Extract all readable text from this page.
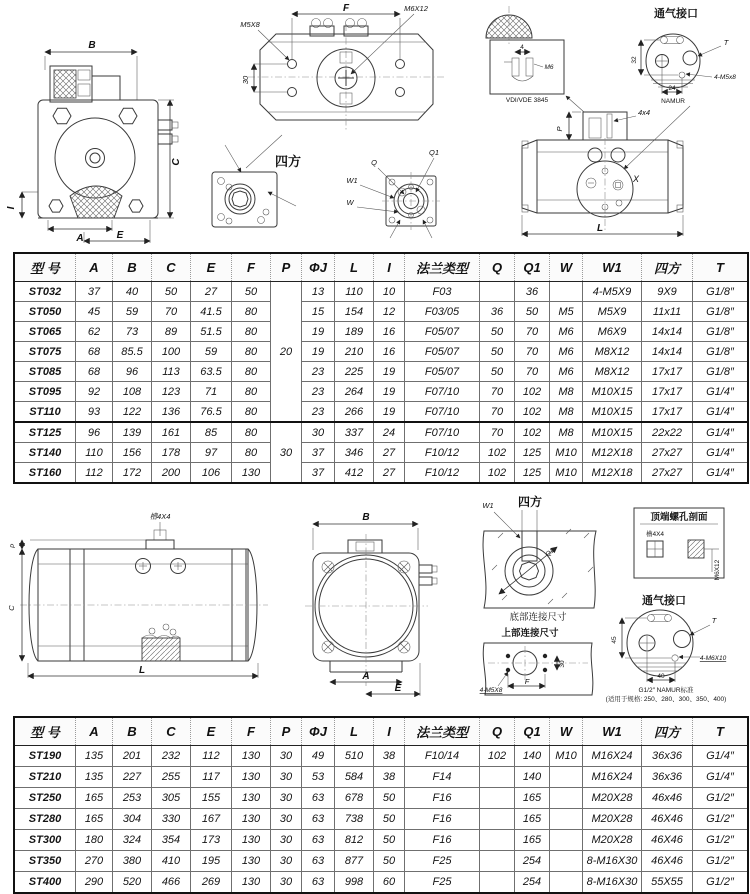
B
C
I
A	E
F
M5X8
M6X12
30
四方	Q
Q1
W1
W
4
M6
VDI/VDE 3845
通气接口
32
24
NAMUR
T
4-M5x8
4x4
P
X
L
型 号	A	B	C	E	F	P	ΦJ	L	I	法兰类型	Q	Q1	W	W1	四方	T
ST032	37	40	50	27	50	20	13	110	10	F03		36		4-M5X9	9X9	G1/8″
ST050	45	59	70	41.5	80		15	154	12	F03/05	36	50	M5	M5X9	11x11	G1/8″
ST065	62	73	89	51.5	80		19	189	16	F05/07	50	70	M6	M6X9	14x14	G1/8″
ST075	68	85.5	100	59	80		19	210	16	F05/07	50	70	M6	M8X12	14x14	G1/8″
ST085	68	96	113	63.5	80		23	225	19	F05/07	50	70	M6	M8X12	17x17	G1/8″
ST095	92	108	123	71	80		23	264	19	F07/10	70	102	M8	M10X15	17x17	G1/4″
ST110	93	122	136	76.5	80		23	266	19	F07/10	70	102	M8	M10X15	17x17	G1/4″
ST125	96	139	161	85	80	30	30	337	24	F07/10	70	102	M8	M10X15	22x22	G1/4″
ST140	110	156	178	97	80		37	346	27	F10/12	102	125	M10	M12X18	27x27	G1/4″
ST160	112	172	200	106	130		37	412	27	F10/12	102	125	M10	M12X18	27x27	G1/4″
槽4X4
P
C
L
B
A
E
四方
W1
Q1
底部连接尺寸
上部连接尺寸
30
F
4-M5X8
顶端螺孔剖面
槽4X4
M6X12
通气接口
45
40
T
4-M6X10
G1/2″ NAMUR标准
(适用于规格: 250、280、300、350、400)
型 号	A	B	C	E	F	P	ΦJ	L	I	法兰类型	Q	Q1	W	W1	四方	T
ST190	135	201	232	112	130	30	49	510	38	F10/14	102	140	M10	M16X24	36x36	G1/4″
ST210	135	227	255	117	130	30	53	584	38	F14		140		M16X24	36x36	G1/4″
ST250	165	253	305	155	130	30	63	678	50	F16		165		M20X28	46x46	G1/2″
ST280	165	304	330	167	130	30	63	738	50	F16		165		M20X28	46X46	G1/2″
ST300	180	324	354	173	130	30	63	812	50	F16		165		M20X28	46X46	G1/2″
ST350	270	380	410	195	130	30	63	877	50	F25		254		8-M16X30	46X46	G1/2″
ST400	290	520	466	269	130	30	63	998	60	F25		254		8-M16X30	55X55	G1/2″
